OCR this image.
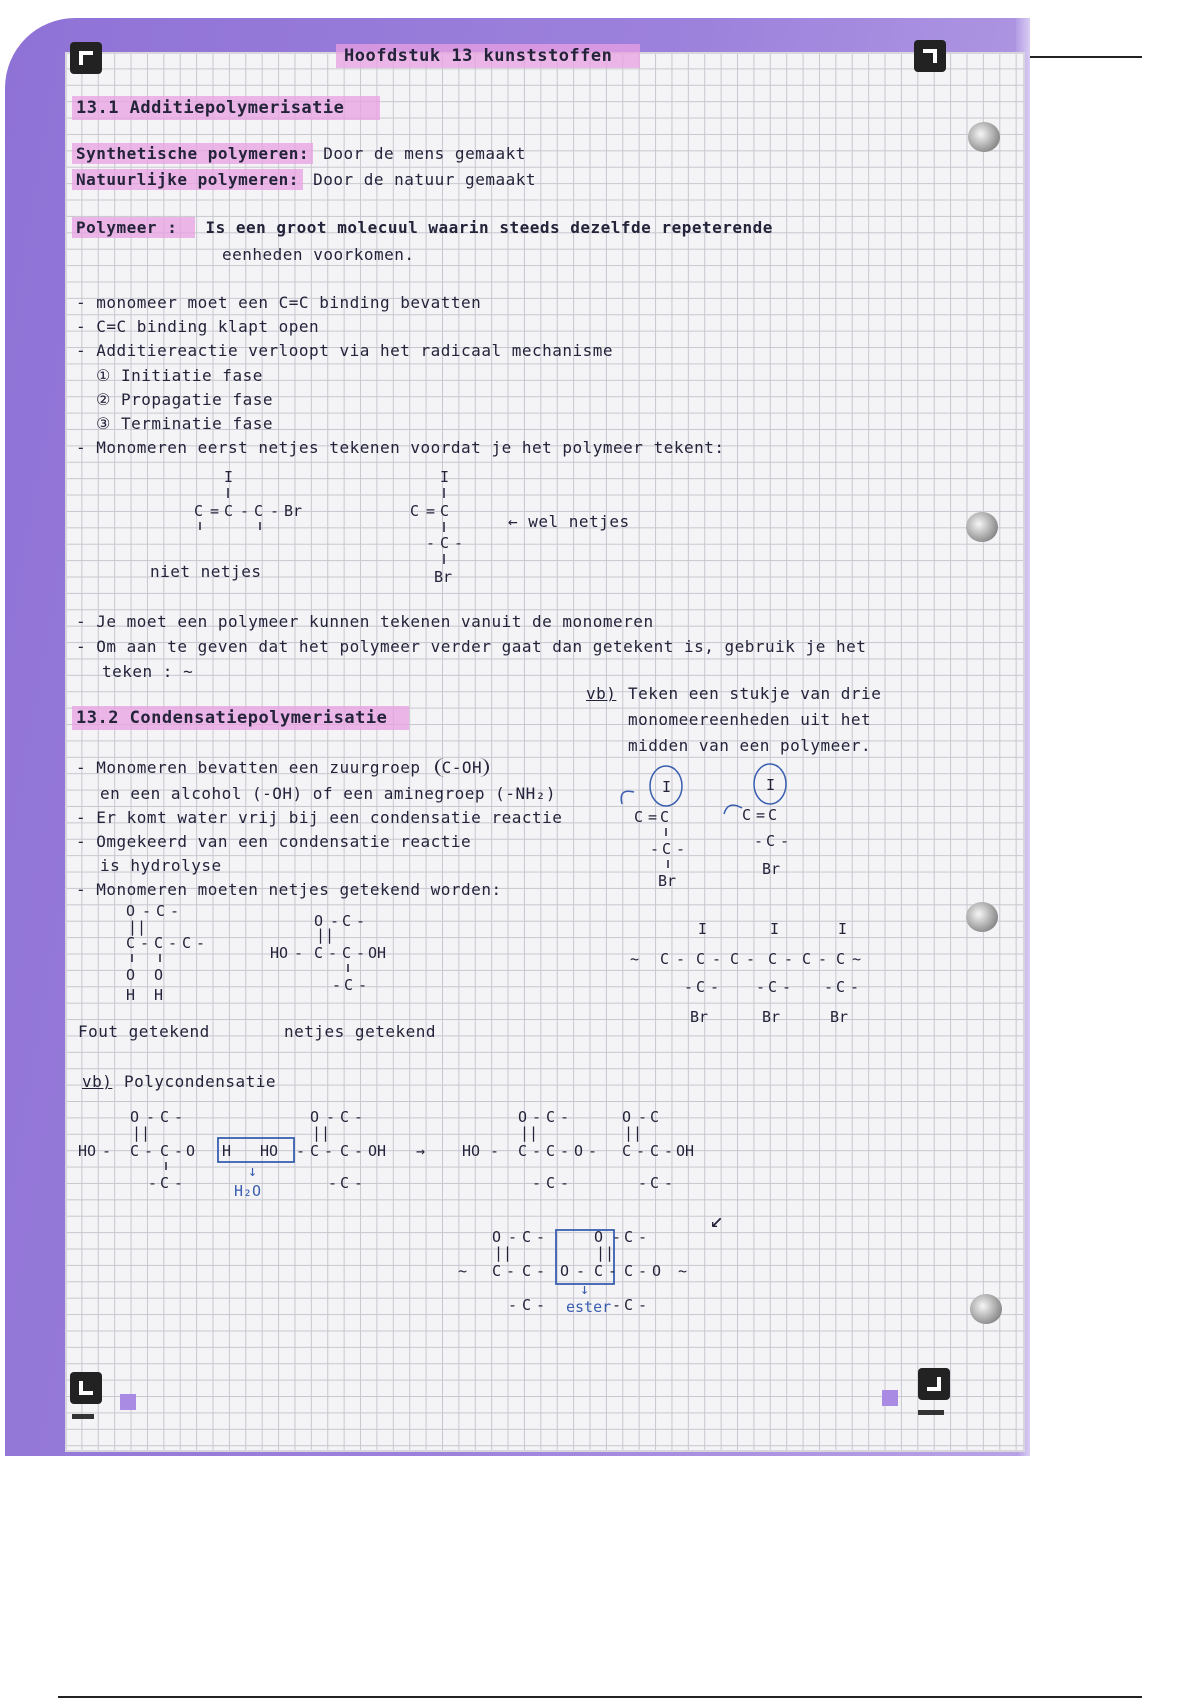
Hoofdstuk 13 kunststoffen
13.1 Additiepolymerisatie
Synthetische polymeren: Door de mens gemaakt
Natuurlijke polymeren: Door de natuur gemaakt
Polymeer : Is een groot molecuul waarin steeds dezelfde repeterende
eenheden voorkomen.
- monomeer moet een C=C binding bevatten
- C=C binding klapt open
- Additiereactie verloopt via het radicaal mechanisme
① Initiatie fase
② Propagatie fase
③ Terminatie fase
- Monomeren eerst netjes tekenen voordat je het polymeer tekent:
I
C = C - C - Br
niet netjes
I
C = C
- C -
Br
← wel netjes
- Je moet een polymeer kunnen tekenen vanuit de monomeren
- Om aan te geven dat het polymeer verder gaat dan getekent is, gebruik je het
teken : ~
vb) Teken een stukje van drie
monomeereenheden uit het
midden van een polymeer.
I
C = C
- C -
Br
I
C = C
- C -
Br
I	I	I
~ C - C - C - C - C - C ~
- C - - C - - C -
Br	Br	Br
13.2 Condensatiepolymerisatie
- Monomeren bevatten een zuurgroep C-OH
en een alcohol (-OH) of een aminegroep (-NH₂)
- Er komt water vrij bij een condensatie reactie
- Omgekeerd van een condensatie reactie
is hydrolyse
- Monomeren moeten netjes getekend worden:
O - C -
||
C - C - C -
O O
H H
Fout getekend
O - C -
||
HO - C - C - OH
- C -
netjes getekend
vb) Polycondensatie
O - C -
||
HO - C - C - O H HO
↓
H₂O
- C -
O - C -
||
- C - C - OH
- C -
→
O - C -
||
HO - C - C - O -
O - C
||
C - C - OH
- C -	- C -
↙
O - C -
||
~ C - C - O -
O
||
C - C - O ~
- C -
↓
ester
- C -	- C -
